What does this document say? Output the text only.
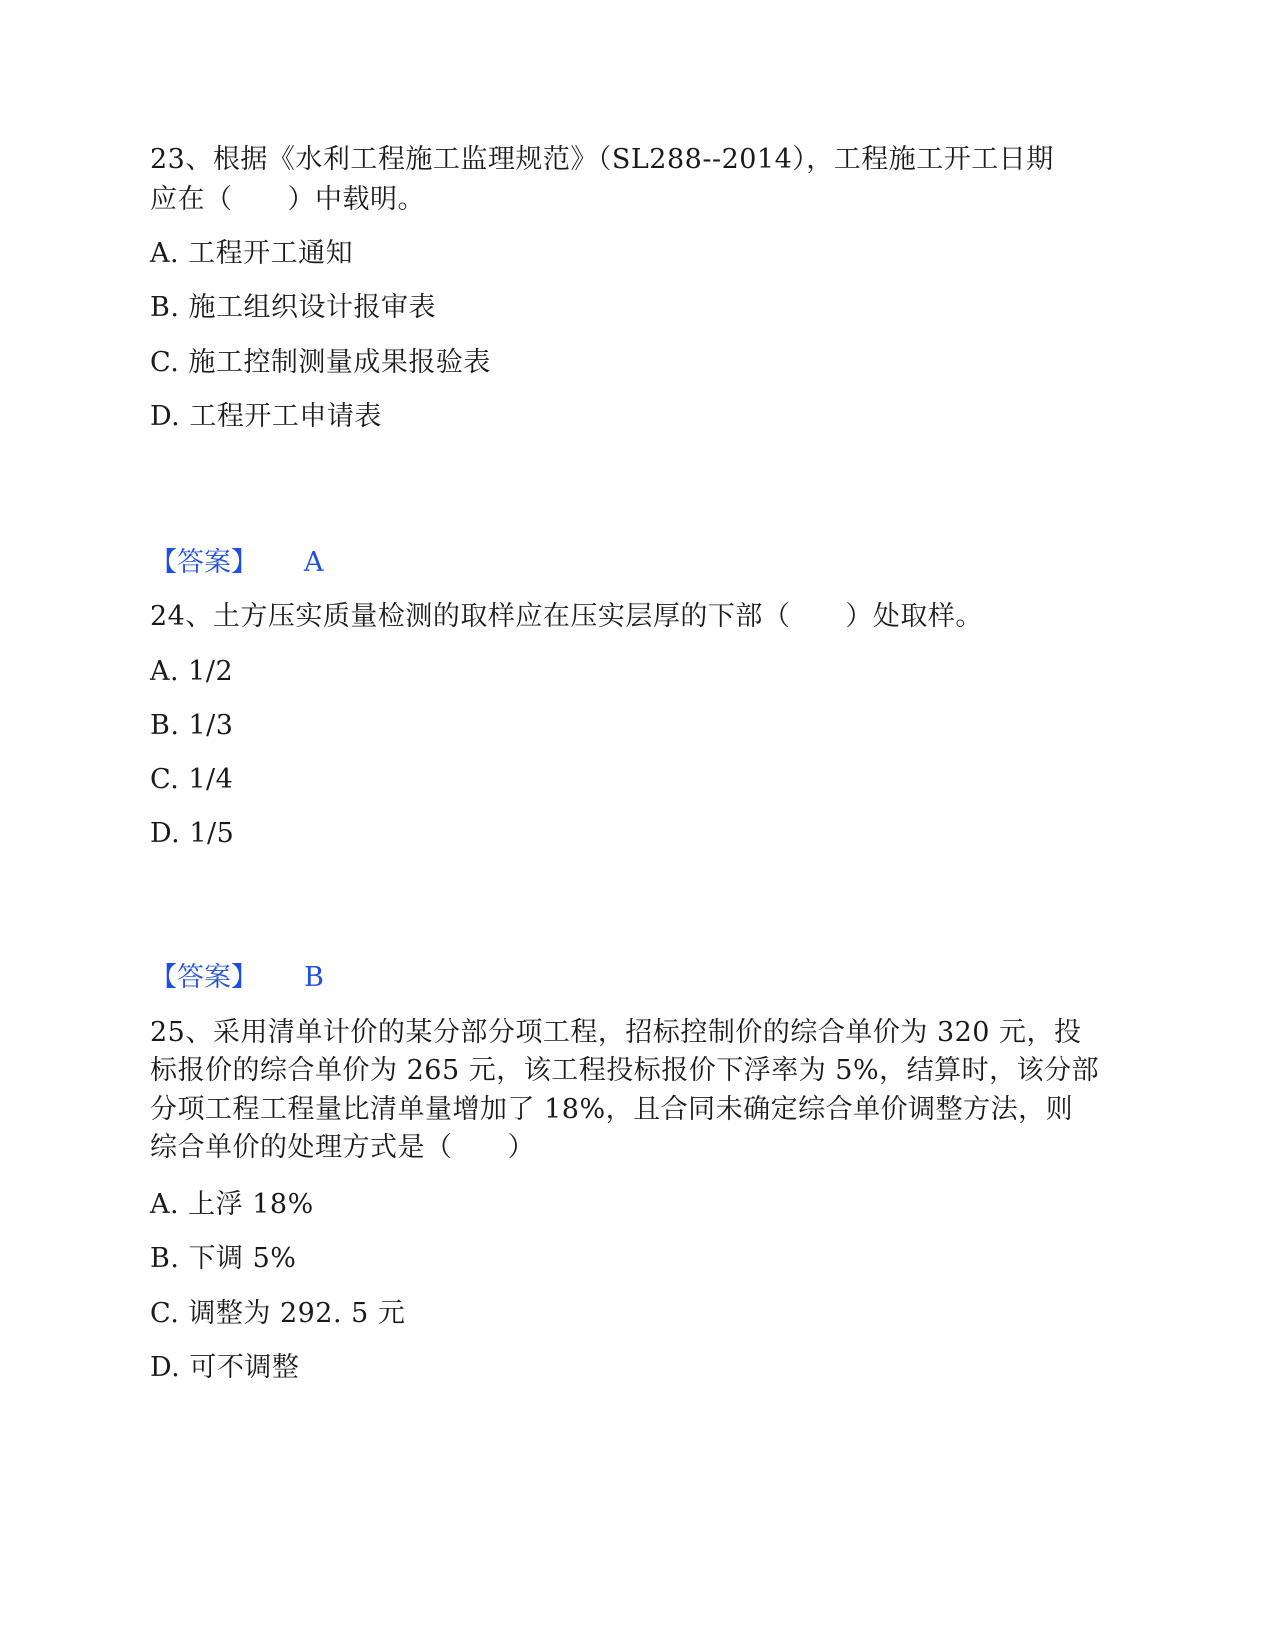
23、根据《水利工程施工监理规范》（SL288--2014），工程施工开工日期
应在（　　）中载明。
A. 工程开工通知
B. 施工组织设计报审表
C. 施工控制测量成果报验表
D. 工程开工申请表
【答案】 A
24、土方压实质量检测的取样应在压实层厚的下部（　　）处取样。
A. 1/2
B. 1/3
C. 1/4
D. 1/5
【答案】 B
25、采用清单计价的某分部分项工程，招标控制价的综合单价为 320 元，投
标报价的综合单价为 265 元，该工程投标报价下浮率为 5%，结算时，该分部
分项工程工程量比清单量增加了 18%，且合同未确定综合单价调整方法，则
综合单价的处理方式是（　　）
A. 上浮 18%
B. 下调 5%
C. 调整为 292. 5 元
D. 可不调整
